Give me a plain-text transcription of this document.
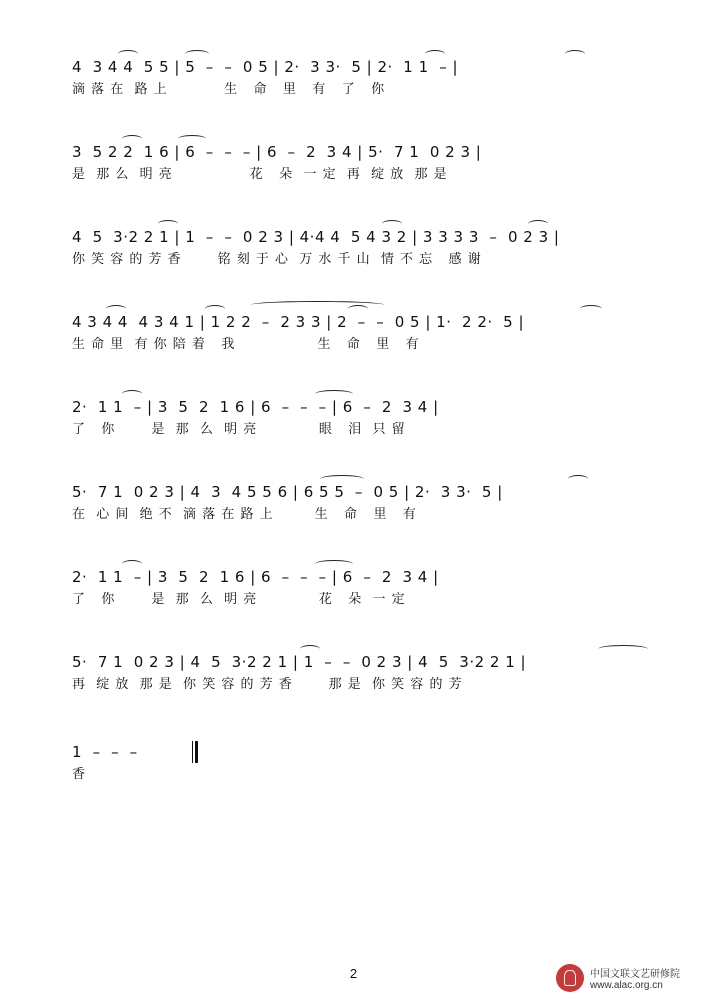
4  3 4 4  5 5 | 5  –  –  0 5 | 2·  3 3·  5 | 2·  1 1  – |
滴 落 在  路 上           生   命   里   有   了   你
3  5 2 2  1 6 | 6  –  –  – | 6  –  2  3 4 | 5·  7 1  0 2 3 |
是  那 么  明 亮               花   朵  一 定  再  绽 放  那 是
4  5  3·2 2 1 | 1  –  –  0 2 3 | 4·4 4  5 4 3 2 | 3 3 3 3  –  0 2 3 |
你 笑 容 的 芳 香       铭 刻 于 心  万 水 千 山  情 不 忘   感 谢
4 3 4 4  4 3 4 1 | 1 2 2  –  2 3 3 | 2  –  –  0 5 | 1·  2 2·  5 |
生 命 里  有 你 陪 着   我                生   命   里   有
2·  1 1  – | 3  5  2  1 6 | 6  –  –  – | 6  –  2  3 4 |
了   你       是  那  么  明 亮            眼   泪  只 留
5·  7 1  0 2 3 | 4  3  4 5 5 6 | 6 5 5  –  0 5 | 2·  3 3·  5 |
在  心 间  绝 不  滴 落 在 路 上        生   命   里   有
2·  1 1  – | 3  5  2  1 6 | 6  –  –  – | 6  –  2  3 4 |
了   你       是  那  么  明 亮            花   朵  一 定
5·  7 1  0 2 3 | 4  5  3·2 2 1 | 1  –  –  0 2 3 | 4  5  3·2 2 1 |
再  绽 放  那 是  你 笑 容 的 芳 香       那 是  你 笑 容 的 芳
1  –  –  –
香
2	中国文联文艺研修院
www.alac.org.cn
